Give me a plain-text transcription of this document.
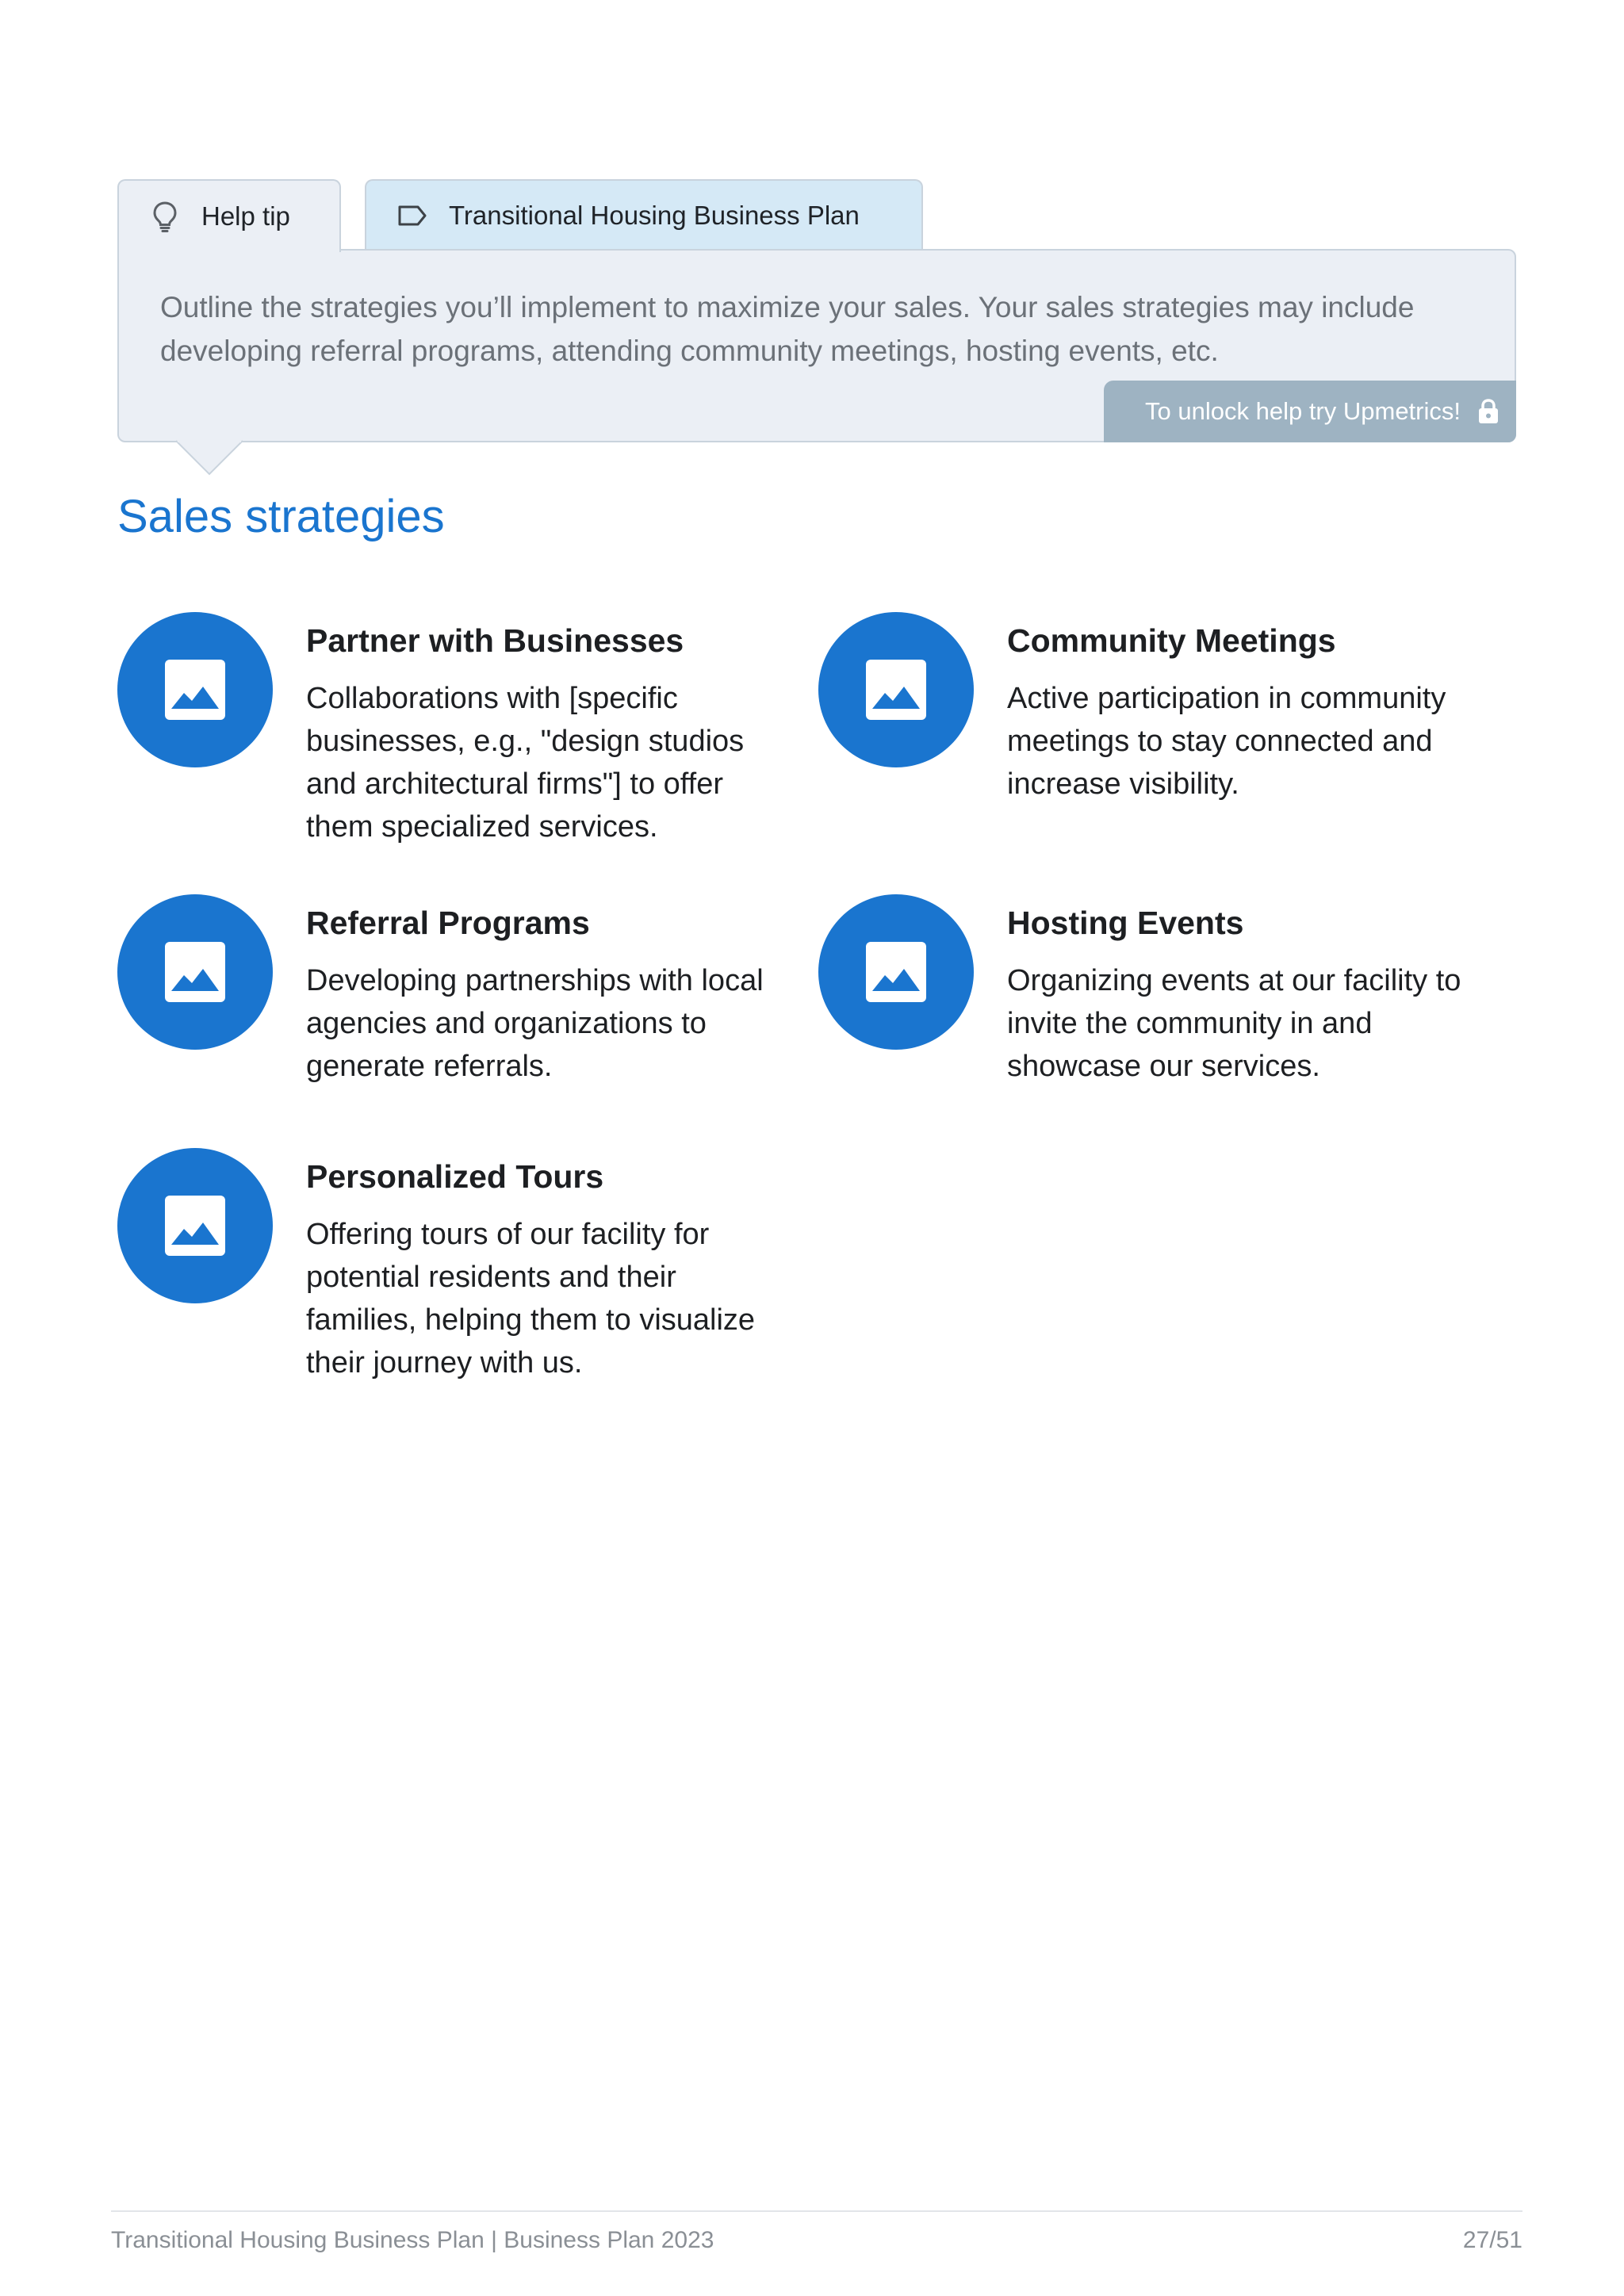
Help tip	Transitional Housing Business Plan
Outline the strategies you’ll implement to maximize your sales. Your sales strategies may include developing referral programs, attending community meetings, hosting events, etc.
To unlock help try Upmetrics!
Sales strategies
Partner with Businesses
Collaborations with [specific businesses, e.g., "design studios and architectural firms"] to offer them specialized services.
Community Meetings
Active participation in community meetings to stay connected and increase visibility.
Referral Programs
Developing partnerships with local agencies and organizations to generate referrals.
Hosting Events
Organizing events at our facility to invite the community in and showcase our services.
Personalized Tours
Offering tours of our facility for potential residents and their families, helping them to visualize their journey with us.
Transitional Housing Business Plan | Business Plan 2023	27/51
